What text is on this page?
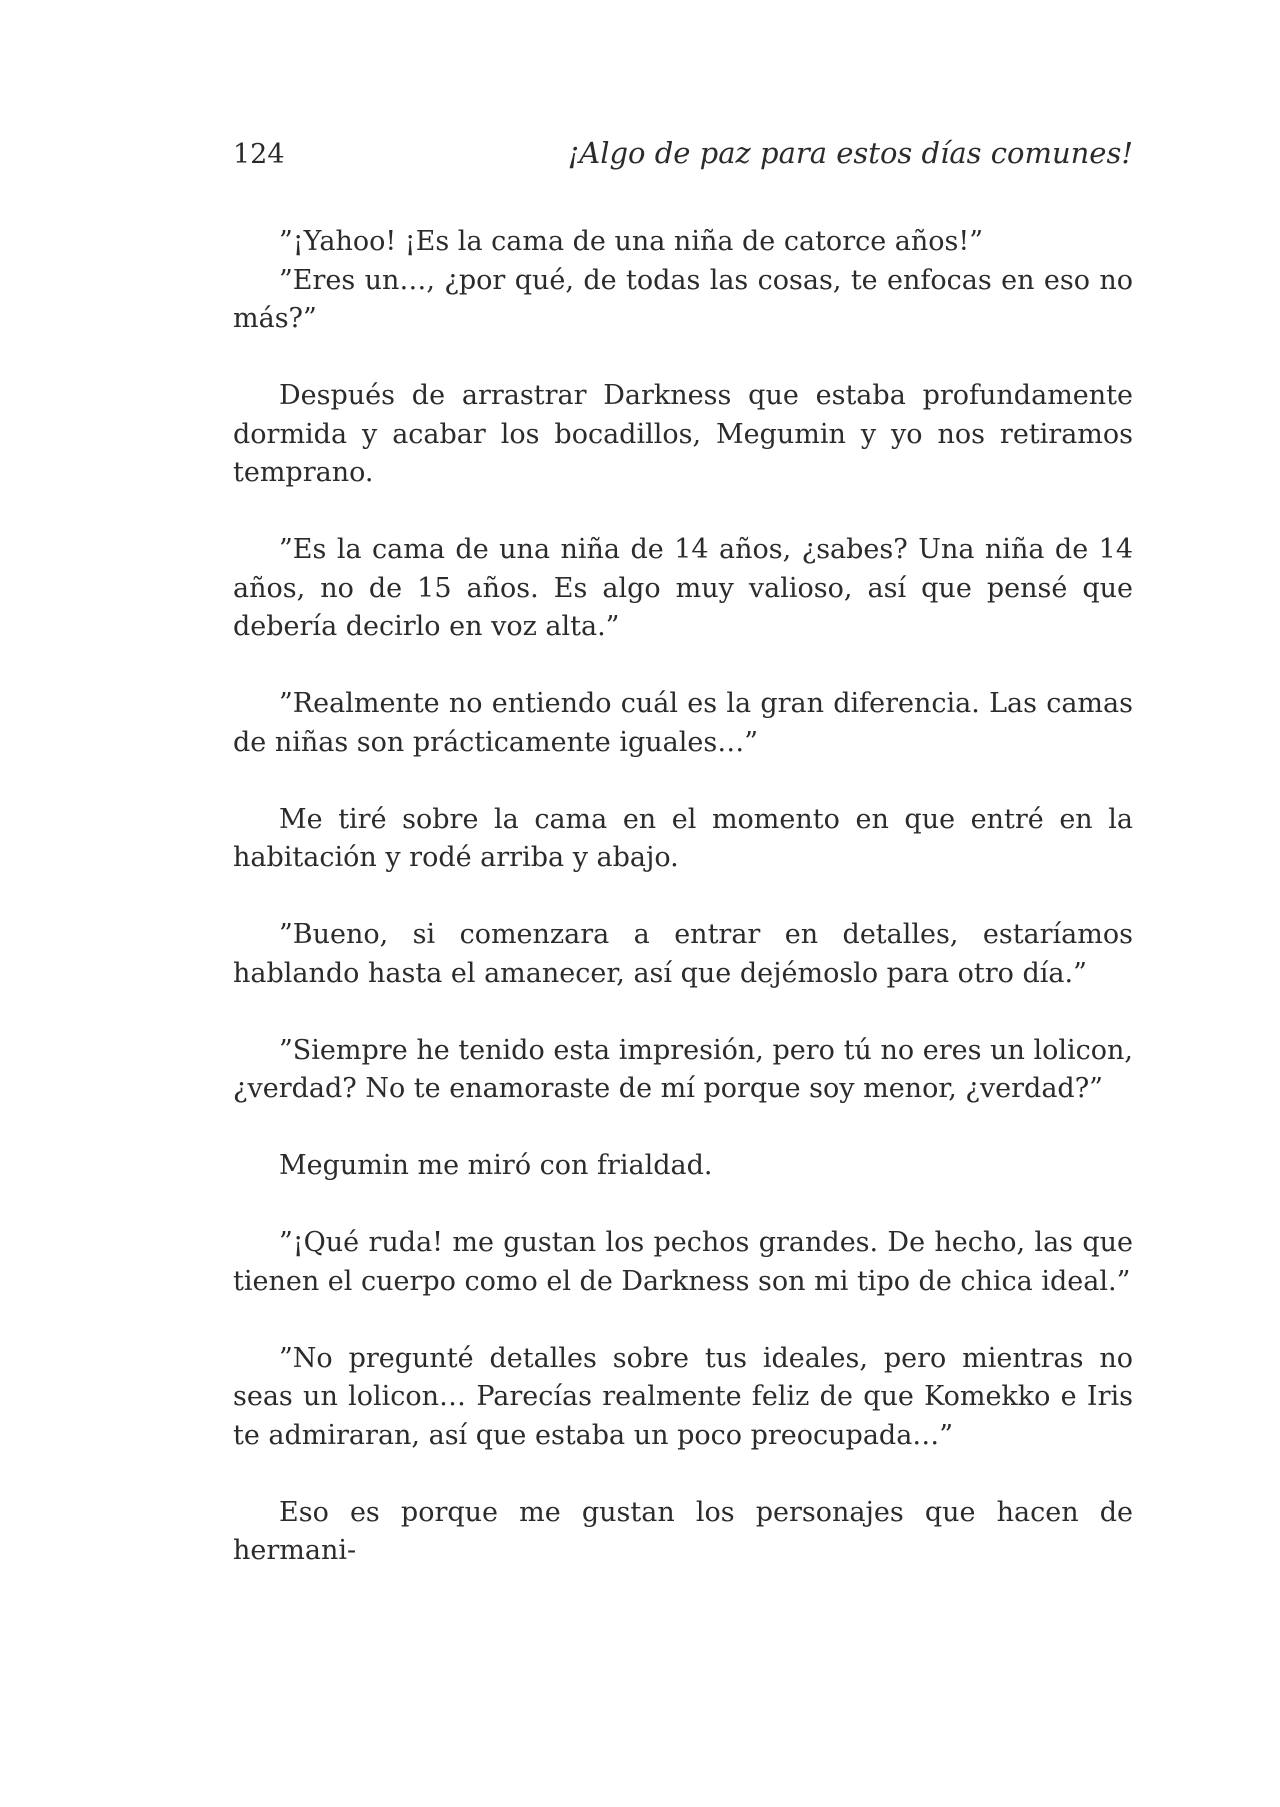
124	¡Algo de paz para estos días comunes!

”¡Yahoo! ¡Es la cama de una niña de catorce años!”

”Eres un…, ¿por qué, de todas las cosas, te enfocas en eso no más?”

Después de arrastrar Darkness que estaba profundamente dormida y acabar los bocadillos, Megumin y yo nos retiramos temprano.

”Es la cama de una niña de 14 años, ¿sabes? Una niña de 14 años, no de 15 años. Es algo muy valioso, así que pensé que debería decirlo en voz alta.”

”Realmente no entiendo cuál es la gran diferencia. Las camas de niñas son prácticamente iguales…”

Me tiré sobre la cama en el momento en que entré en la habitación y rodé arriba y abajo.

”Bueno, si comenzara a entrar en detalles, estaríamos hablando hasta el amanecer, así que dejémoslo para otro día.”

”Siempre he tenido esta impresión, pero tú no eres un lolicon, ¿verdad? No te enamoraste de mí porque soy menor, ¿verdad?”

Megumin me miró con frialdad.

”¡Qué ruda! me gustan los pechos grandes. De hecho, las que tienen el cuerpo como el de Darkness son mi tipo de chica ideal.”

”No pregunté detalles sobre tus ideales, pero mientras no seas un lolicon… Parecías realmente feliz de que Komekko e Iris te admiraran, así que estaba un poco preocupada…”

Eso es porque me gustan los personajes que hacen de hermani-
